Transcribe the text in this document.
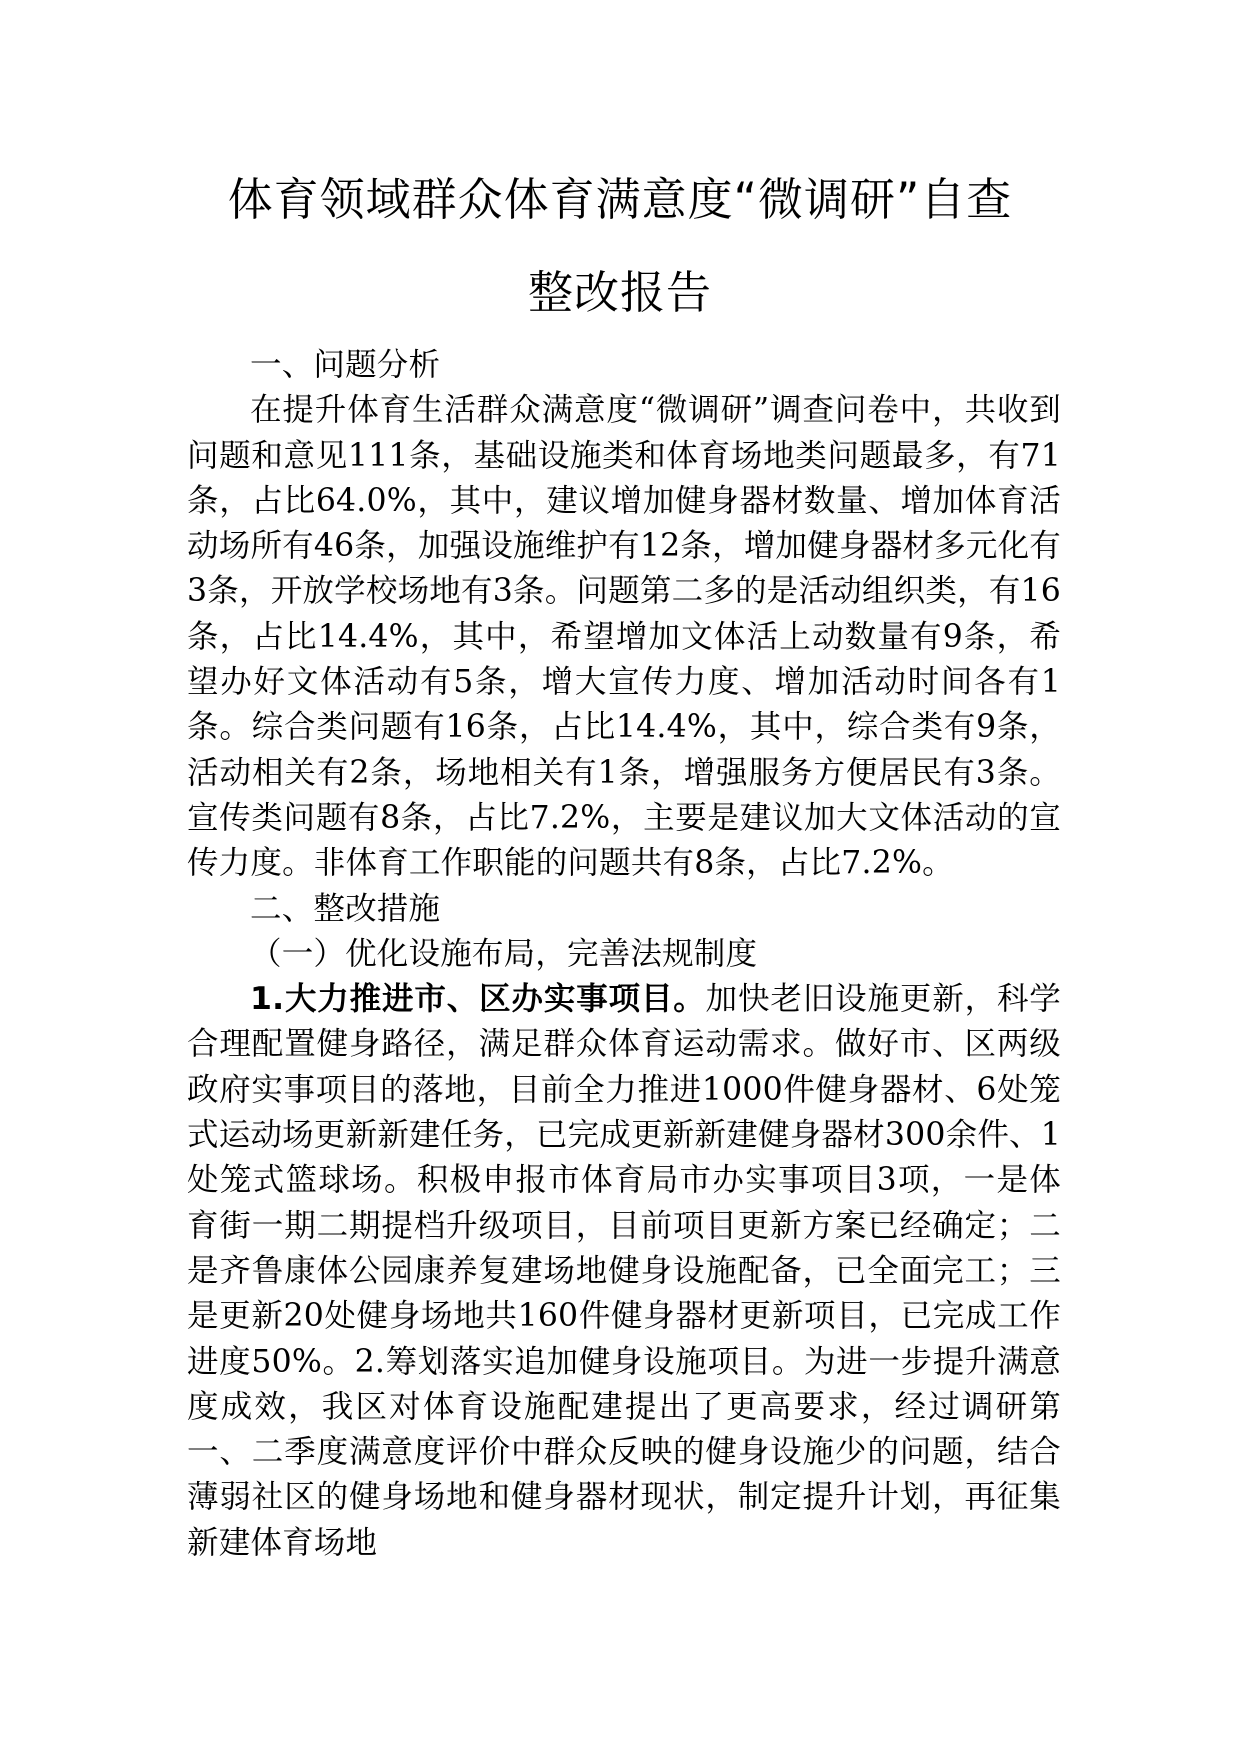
体育领域群众体育满意度“微调研”自查
整改报告

一、问题分析

在提升体育生活群众满意度“微调研”调查问卷中，共收到问题和意见111条，基础设施类和体育场地类问题最多，有71条，占比64.0%，其中，建议增加健身器材数量、增加体育活动场所有46条，加强设施维护有12条，增加健身器材多元化有3条，开放学校场地有3条。问题第二多的是活动组织类，有16条，占比14.4%，其中，希望增加文体活上动数量有9条，希望办好文体活动有5条，增大宣传力度、增加活动时间各有1条。综合类问题有16条，占比14.4%，其中，综合类有9条，活动相关有2条，场地相关有1条，增强服务方便居民有3条。宣传类问题有8条，占比7.2%，主要是建议加大文体活动的宣传力度。非体育工作职能的问题共有8条，占比7.2%。

二、整改措施

（一）优化设施布局，完善法规制度

1.大力推进市、区办实事项目。加快老旧设施更新，科学合理配置健身路径，满足群众体育运动需求。做好市、区两级政府实事项目的落地，目前全力推进1000件健身器材、6处笼式运动场更新新建任务，已完成更新新建健身器材300余件、1处笼式篮球场。积极申报市体育局市办实事项目3项，一是体育街一期二期提档升级项目，目前项目更新方案已经确定；二是齐鲁康体公园康养复建场地健身设施配备，已全面完工；三是更新20处健身场地共160件健身器材更新项目，已完成工作进度50%。2.筹划落实追加健身设施项目。为进一步提升满意度成效，我区对体育设施配建提出了更高要求，经过调研第一、二季度满意度评价中群众反映的健身设施少的问题，结合薄弱社区的健身场地和健身器材现状，制定提升计划，再征集新建体育场地
